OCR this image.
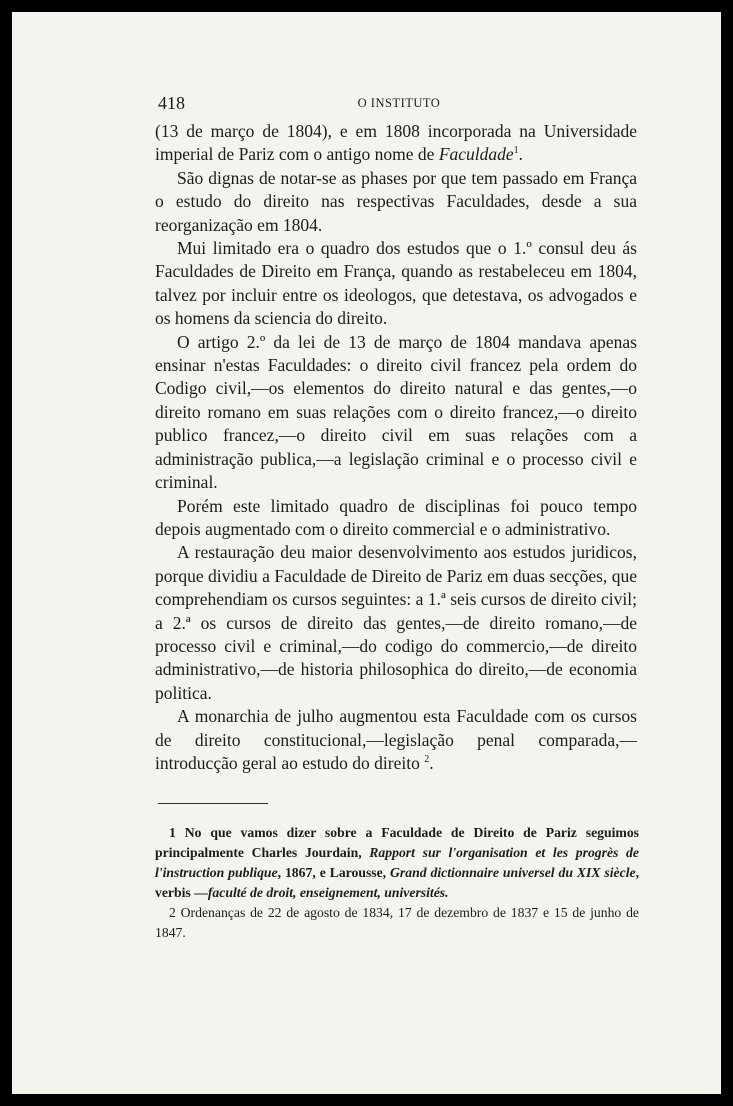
418	O INSTITUTO

(13 de março de 1804), e em 1808 incorporada na Universidade imperial de Pariz com o antigo nome de Faculdade$^1$.

São dignas de notar-se as phases por que tem passado em França o estudo do direito nas respectivas Faculdades, desde a sua reorganização em 1804.

Mui limitado era o quadro dos estudos que o 1.º consul deu ás Faculdades de Direito em França, quando as restabeleceu em 1804, talvez por incluir entre os ideologos, que detestava, os advogados e os homens da sciencia do direito.

O artigo 2.º da lei de 13 de março de 1804 mandava apenas ensinar n'estas Faculdades: o direito civil francez pela ordem do Codigo civil,—os elementos do direito natural e das gentes,—o direito romano em suas relações com o direito francez,—o direito publico francez,—o direito civil em suas relações com a administração publica,—a legislação criminal e o processo civil e criminal.

Porém este limitado quadro de disciplinas foi pouco tempo depois augmentado com o direito commercial e o administrativo.

A restauração deu maior desenvolvimento aos estudos juridicos, porque dividiu a Faculdade de Direito de Pariz em duas secções, que comprehendiam os cursos seguintes: a 1.ª seis cursos de direito civil; a 2.ª os cursos de direito das gentes,—de direito romano,—de processo civil e criminal,—do codigo do commercio,—de direito administrativo,—de historia philosophica do direito,—de economia politica.

A monarchia de julho augmentou esta Faculdade com os cursos de direito constitucional,—legislação penal comparada,—introducção geral ao estudo do direito $^2$.

1 No que vamos dizer sobre a Faculdade de Direito de Pariz seguimos principalmente Charles Jourdain, Rapport sur l'organisation et les progrès de l'instruction publique, 1867, e Larousse, Grand dictionnaire universel du XIX siècle, verbis —faculté de droit, enseignement, universités.

2 Ordenanças de 22 de agosto de 1834, 17 de dezembro de 1837 e 15 de junho de 1847.
